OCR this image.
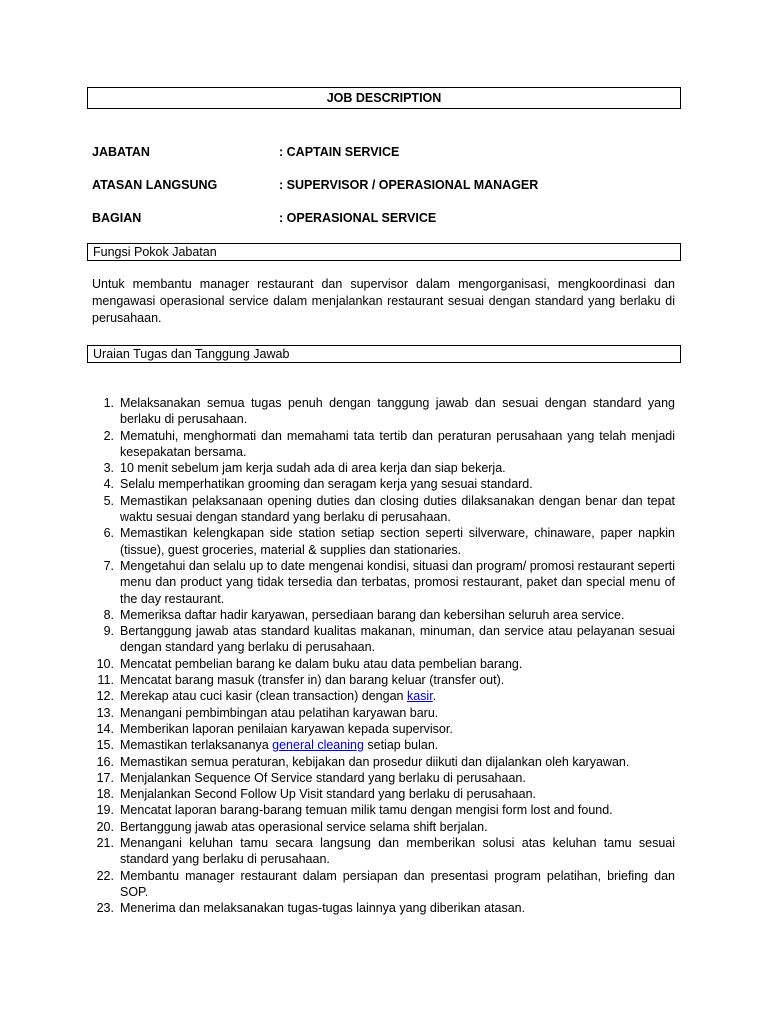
JOB DESCRIPTION
JABATAN	: CAPTAIN SERVICE
ATASAN LANGSUNG	: SUPERVISOR / OPERASIONAL MANAGER
BAGIAN	: OPERASIONAL SERVICE
Fungsi Pokok Jabatan
Untuk membantu manager restaurant dan supervisor dalam mengorganisasi, mengkoordinasi dan mengawasi operasional service dalam menjalankan restaurant sesuai dengan standard yang berlaku di perusahaan.
Uraian Tugas dan Tanggung Jawab
1. Melaksanakan semua tugas penuh dengan tanggung jawab dan sesuai dengan standard yang berlaku di perusahaan.
2. Mematuhi, menghormati dan memahami tata tertib dan peraturan perusahaan yang telah menjadi kesepakatan bersama.
3. 10 menit sebelum jam kerja sudah ada di area kerja dan siap bekerja.
4. Selalu memperhatikan grooming dan seragam kerja yang sesuai standard.
5. Memastikan pelaksanaan opening duties dan closing duties dilaksanakan dengan benar dan tepat waktu sesuai dengan standard yang berlaku di perusahaan.
6. Memastikan kelengkapan side station setiap section seperti silverware, chinaware, paper napkin (tissue), guest groceries, material & supplies dan stationaries.
7. Mengetahui dan selalu up to date mengenai kondisi, situasi dan program/ promosi restaurant seperti menu dan product yang tidak tersedia dan terbatas, promosi restaurant, paket dan special menu of the day restaurant.
8. Memeriksa daftar hadir karyawan, persediaan barang dan kebersihan seluruh area service.
9. Bertanggung jawab atas standard kualitas makanan, minuman, dan service atau pelayanan sesuai dengan standard yang berlaku di perusahaan.
10. Mencatat pembelian barang ke dalam buku atau data pembelian barang.
11. Mencatat barang masuk (transfer in) dan barang keluar (transfer out).
12. Merekap atau cuci kasir (clean transaction) dengan kasir.
13. Menangani pembimbingan atau pelatihan karyawan baru.
14. Memberikan laporan penilaian karyawan kepada supervisor.
15. Memastikan terlaksananya general cleaning setiap bulan.
16. Memastikan semua peraturan, kebijakan dan prosedur diikuti dan dijalankan oleh karyawan.
17. Menjalankan Sequence Of Service standard yang berlaku di perusahaan.
18. Menjalankan Second Follow Up Visit standard yang berlaku di perusahaan.
19. Mencatat laporan barang-barang temuan milik tamu dengan mengisi form lost and found.
20. Bertanggung jawab atas operasional service selama shift berjalan.
21. Menangani keluhan tamu secara langsung dan memberikan solusi atas keluhan tamu sesuai standard yang berlaku di perusahaan.
22. Membantu manager restaurant dalam persiapan dan presentasi program pelatihan, briefing dan SOP.
23. Menerima dan melaksanakan tugas-tugas lainnya yang diberikan atasan.
